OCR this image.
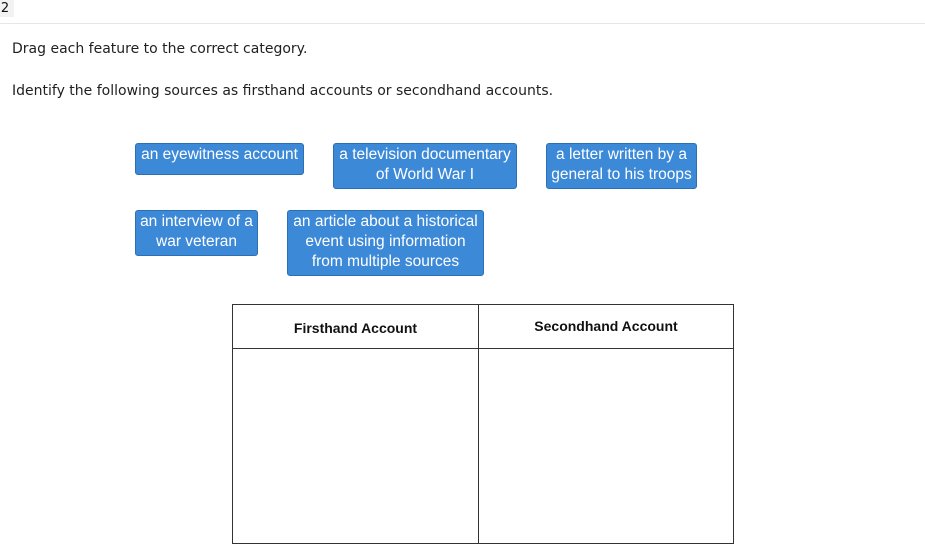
2
Drag each feature to the correct category.
Identify the following sources as firsthand accounts or secondhand accounts.
an eyewitness account	a television documentary
of World War I
a letter written by a
general to his troops
an interview of a
war veteran
an article about a historical
event using information
from multiple sources
Firsthand Account	Secondhand Account
